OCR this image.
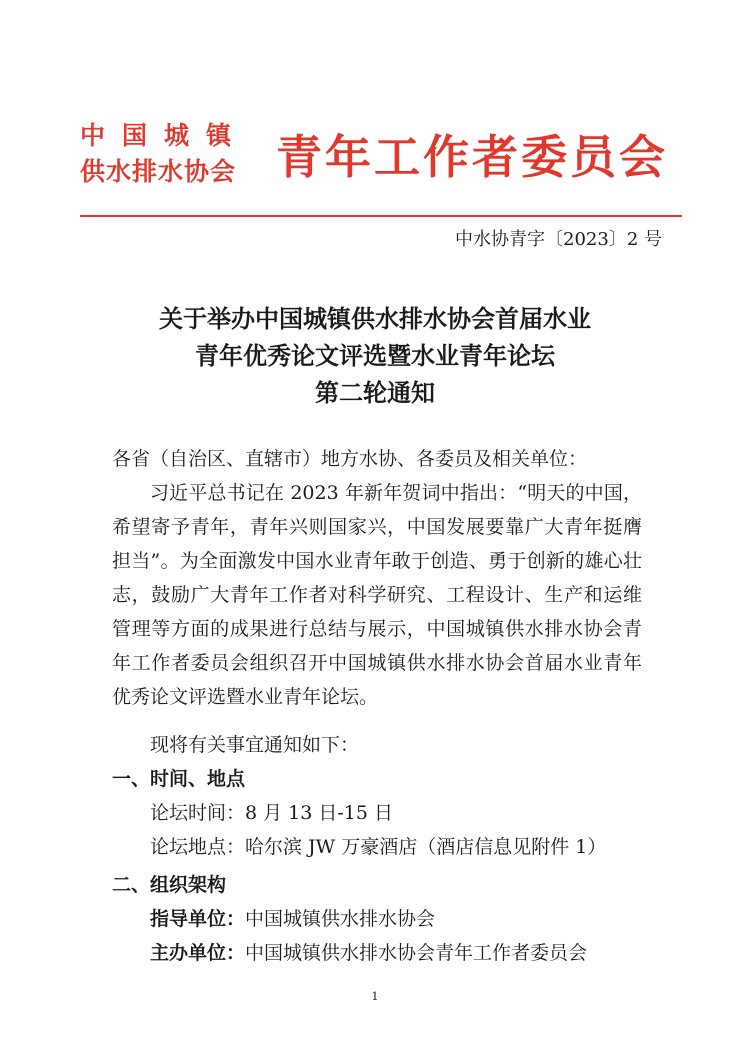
中国城镇
供水排水协会 青年工作者委员会
中水协青字〔2023〕2 号
关于举办中国城镇供水排水协会首届水业
青年优秀论文评选暨水业青年论坛
第二轮通知
各省（自治区、直辖市）地方水协、各委员及相关单位：

习近平总书记在 2023 年新年贺词中指出：“明天的中国，希望寄予青年，青年兴则国家兴，中国发展要靠广大青年挺膺担当”。为全面激发中国水业青年敢于创造、勇于创新的雄心壮志，鼓励广大青年工作者对科学研究、工程设计、生产和运维管理等方面的成果进行总结与展示，中国城镇供水排水协会青年工作者委员会组织召开中国城镇供水排水协会首届水业青年优秀论文评选暨水业青年论坛。

现将有关事宜通知如下：
一、时间、地点
论坛时间：8 月 13 日-15 日
论坛地点：哈尔滨 JW 万豪酒店（酒店信息见附件 1）
二、组织架构
指导单位：中国城镇供水排水协会
主办单位：中国城镇供水排水协会青年工作者委员会
1
